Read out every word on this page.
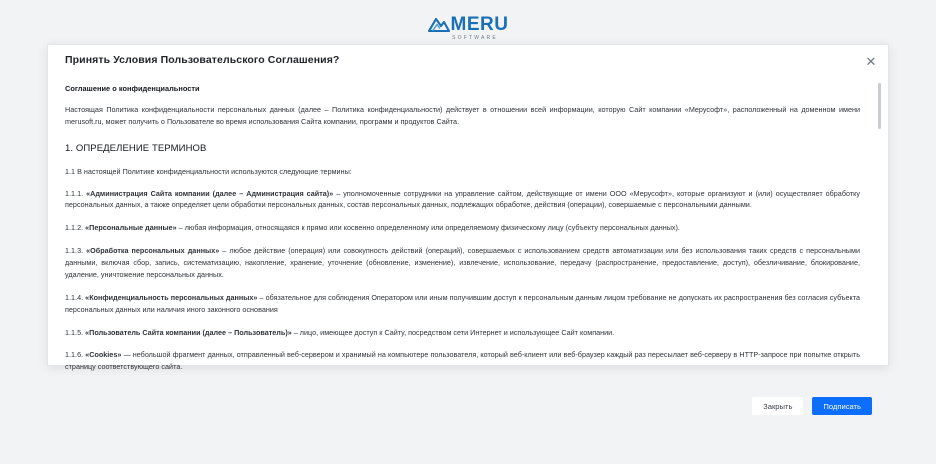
MERU
SOFTWARE
Принять Условия Пользовательского Соглашения?	✕
Соглашение о конфиденциальности

Настоящая Политика конфиденциальности персональных данных (далее – Политика конфиденциальности) действует в отношении всей информации, которую Сайт компании «Мерусофт», расположенный на доменном имени merusoft.ru, может получить о Пользователе во время использования Сайта компании, программ и продуктов Сайта.

1. ОПРЕДЕЛЕНИЕ ТЕРМИНОВ

1.1 В настоящей Политике конфиденциальности используются следующие термины:

1.1.1. «Администрация Сайта компании (далее – Администрация сайта)» – уполномоченные сотрудники на управление сайтом, действующие от имени ООО «Мерусофт», которые организуют и (или) осуществляет обработку персональных данных, а также определяет цели обработки персональных данных, состав персональных данных, подлежащих обработке, действия (операции), совершаемые с персональными данными.

1.1.2. «Персональные данные» – любая информация, относящаяся к прямо или косвенно определенному или определяемому физическому лицу (субъекту персональных данных).

1.1.3. «Обработка персональных данных» – любое действие (операция) или совокупность действий (операций), совершаемых с использованием средств автоматизации или без использования таких средств с персональными данными, включая сбор, запись, систематизацию, накопление, хранение, уточнение (обновление, изменение), извлечение, использование, передачу (распространение, предоставление, доступ), обезличивание, блокирование, удаление, уничтожение персональных данных.

1.1.4. «Конфиденциальность персональных данных» – обязательное для соблюдения Оператором или иным получившим доступ к персональным данным лицом требование не допускать их распространения без согласия субъекта персональных данных или наличия иного законного основания

1.1.5. «Пользователь Сайта компании (далее – Пользователь)» – лицо, имеющее доступ к Сайту, посредством сети Интернет и использующее Сайт компании.

1.1.6. «Cookies» — небольшой фрагмент данных, отправленный веб-сервером и хранимый на компьютере пользователя, который веб-клиент или веб-браузер каждый раз пересылает веб-серверу в HTTP-запросе при попытке открыть страницу соответствующего сайта.

Закрыть	Подписать
